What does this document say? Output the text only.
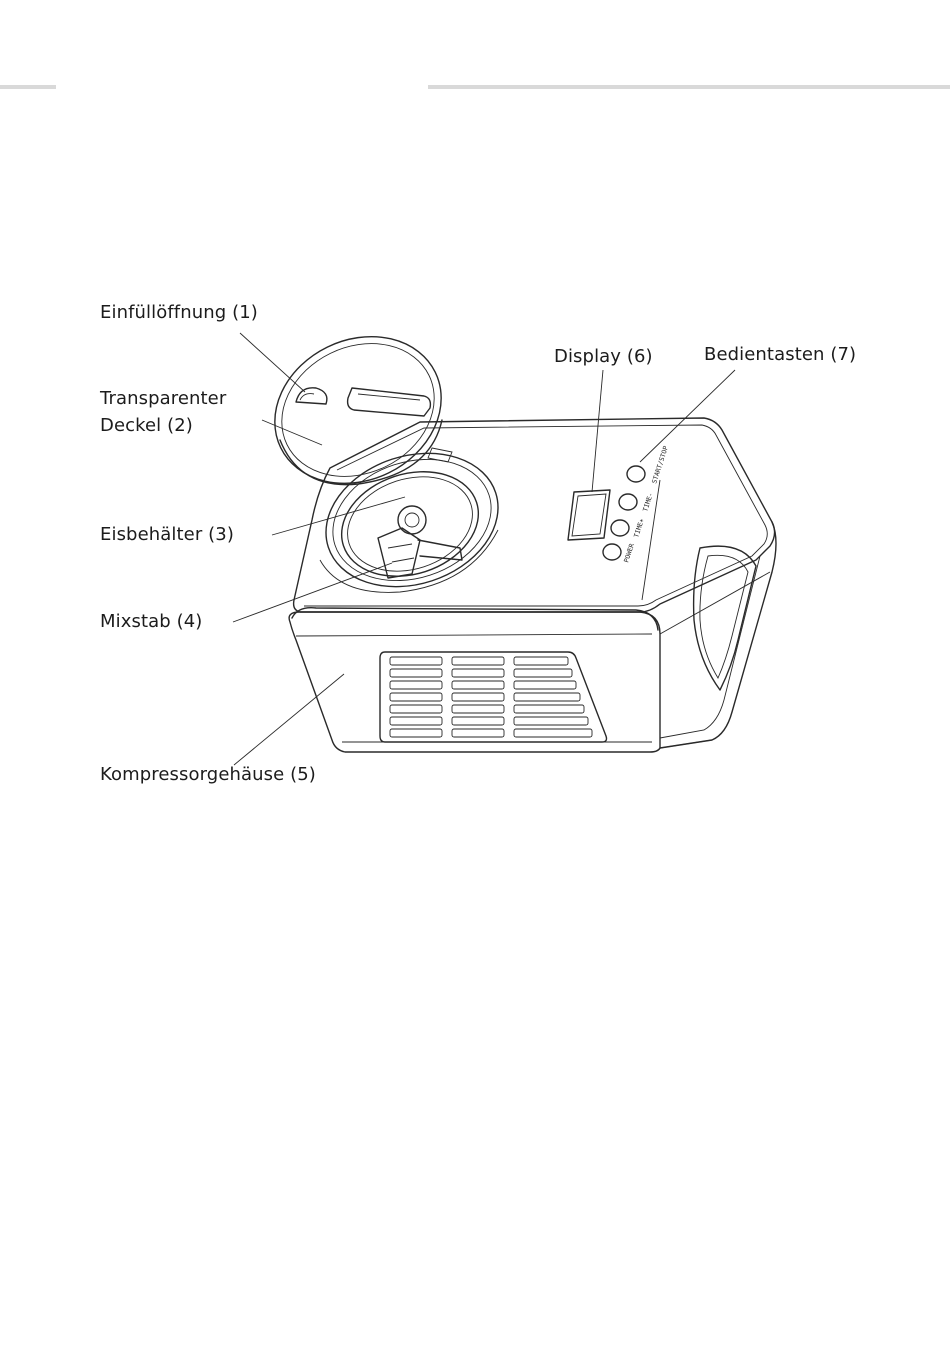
Einfüllöffnung (1)
Transparenter
Deckel (2)
Eisbehälter (3)
Mixstab (4)
Kompressorgehäuse (5)
Display (6)	Bedientasten (7)
POWER
TIME+
TIME-
START/STOP
